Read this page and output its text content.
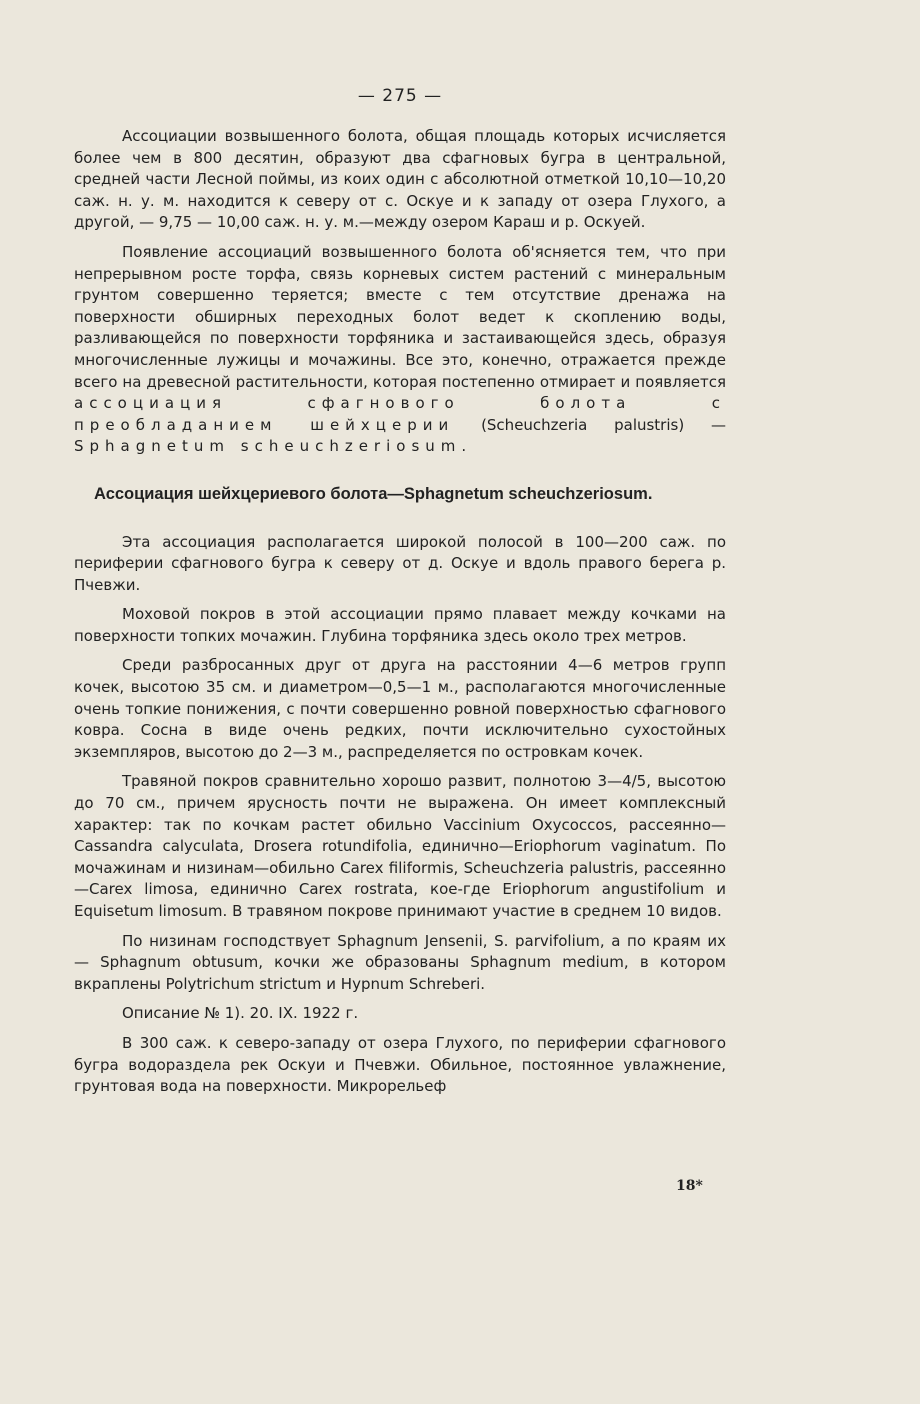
— 275 —

Ассоциации возвышенного болота, общая площадь которых исчисляется более чем в 800 десятин, образуют два сфагновых бугра в центральной, средней части Лесной поймы, из коих один с абсолютной отметкой 10,10—10,20 саж. н. у. м. находится к северу от с. Оскуе и к западу от озера Глухого, а другой, — 9,75 — 10,00 саж. н. у. м.—между озером Караш и р. Оскуей.

Появление ассоциаций возвышенного болота об'ясняется тем, что при непрерывном росте торфа, связь корневых систем растений с минеральным грунтом совершенно теряется; вместе с тем отсутствие дренажа на поверхности обширных переходных болот ведет к скоплению воды, разливающейся по поверхности торфяника и застаивающейся здесь, образуя многочисленные лужицы и мочажины. Все это, конечно, отражается прежде всего на древесной растительности, которая постепенно отмирает и появляется ассоциация сфагнового болота с преобладанием шейхцерии (Scheuchzeria palustris) — Sphagnetum scheuchzeriosum.

Ассоциация шейхцериевого болота—Sphagnetum scheuchzeriosum.

Эта ассоциация располагается широкой полосой в 100—200 саж. по периферии сфагнового бугра к северу от д. Оскуе и вдоль правого берега р. Пчевжи.

Моховой покров в этой ассоциации прямо плавает между кочками на поверхности топких мочажин. Глубина торфяника здесь около трех метров.

Среди разбросанных друг от друга на расстоянии 4—6 метров групп кочек, высотою 35 см. и диаметром—0,5—1 м., располагаются многочисленные очень топкие понижения, с почти совершенно ровной поверхностью сфагнового ковра. Сосна в виде очень редких, почти исключительно сухостойных экземпляров, высотою до 2—3 м., распределяется по островкам кочек.

Травяной покров сравнительно хорошо развит, полнотою 3—4/5, высотою до 70 см., причем ярусность почти не выражена. Он имеет комплексный характер: так по кочкам растет обильно Vaccinium Oxycoccos, рассеянно—Cassandra calyculata, Drosera rotundifolia, единично—Eriophorum vaginatum. По мочажинам и низинам—обильно Carex filiformis, Scheuchzeria palustris, рассеянно—Carex limosa, единично Carex rostrata, кое-где Eriophorum angustifolium и Equisetum limosum. В травяном покрове принимают участие в среднем 10 видов.

По низинам господствует Sphagnum Jensenii, S. parvifolium, а по краям их — Sphagnum obtusum, кочки же образованы Sphagnum medium, в котором вкраплены Polytrichum strictum и Hypnum Schreberi.

Описание № 1). 20. IX. 1922 г.

В 300 саж. к северо-западу от озера Глухого, по периферии сфагнового бугра водораздела рек Оскуи и Пчевжи. Обильное, постоянное увлажнение, грунтовая вода на поверхности. Микрорельеф

18*
